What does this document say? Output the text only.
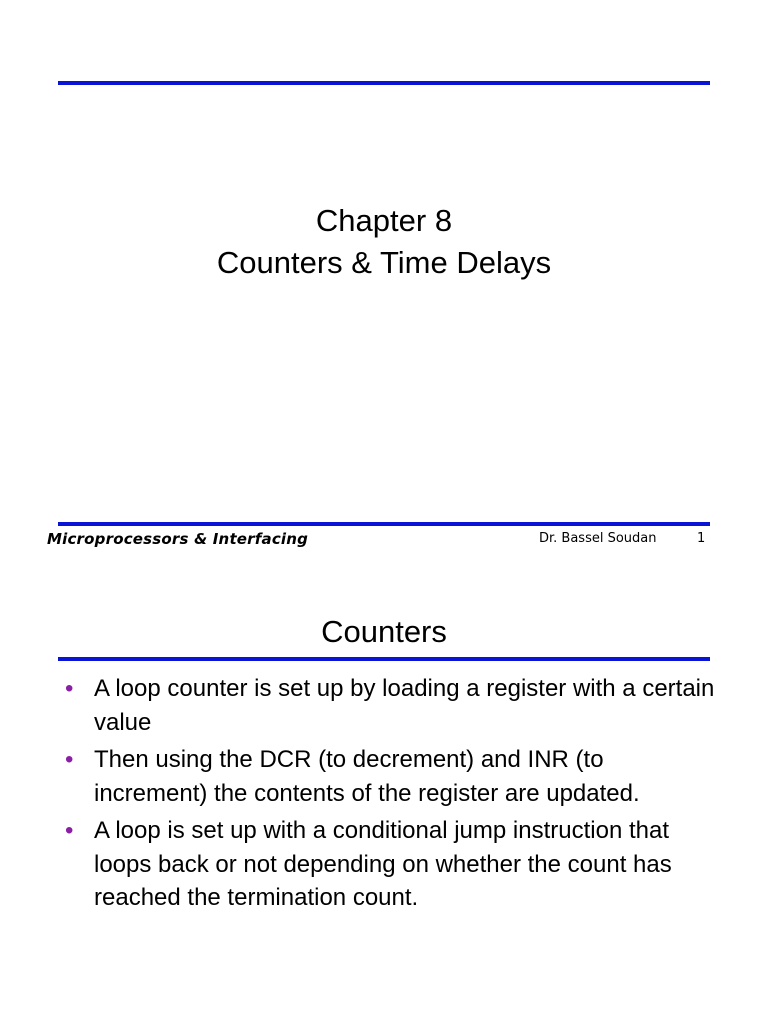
Chapter 8
Counters & Time Delays
Microprocessors & Interfacing	Dr. Bassel Soudan	1
Counters
• A loop counter is set up by loading a register with a certain value
• Then using the DCR (to decrement) and INR (to increment) the contents of the register are updated.
• A loop is set up with a conditional jump instruction that loops back or not depending on whether the count has reached the termination count.
